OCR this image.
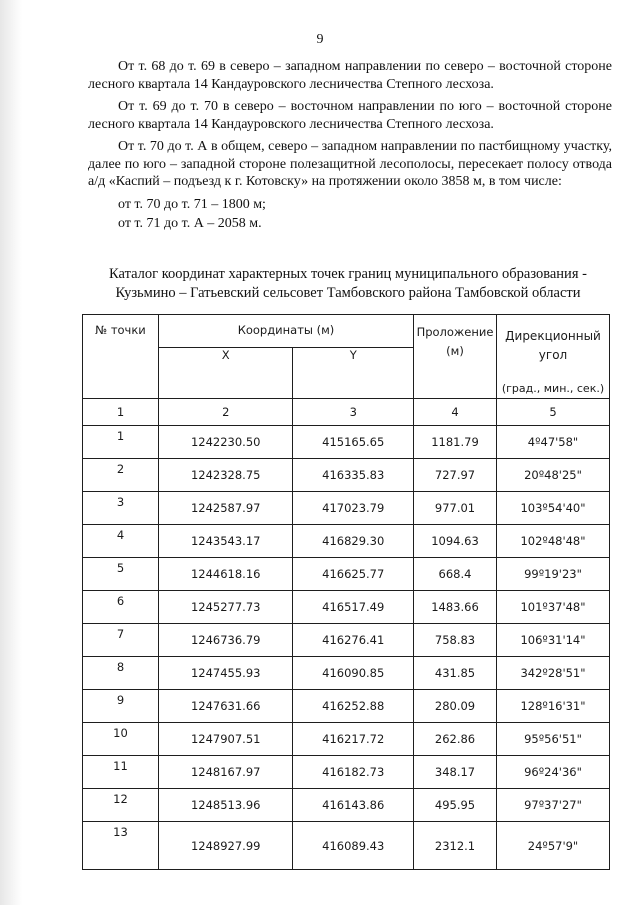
9

От т. 68 до т. 69 в северо – западном направлении по северо – восточной стороне лесного квартала 14 Кандауровского лесничества Степного лесхоза.

От т. 69 до т. 70 в северо – восточном направлении по юго – восточной стороне лесного квартала 14 Кандауровского лесничества Степного лесхоза.

От т. 70 до т. А в общем, северо – западном направлении по пастбищному участку, далее по юго – западной стороне полезащитной лесополосы, пересекает полосу отвода а/д «Каспий – подъезд к г. Котовску» на протяжении около 3858 м, в том числе:

от т. 70 до т. 71 – 1800 м;

от т. 71 до т. А – 2058 м.

Каталог координат характерных точек границ муниципального образования - Кузьмино – Гатьевский сельсовет Тамбовского района Тамбовской области
№ точки	Координаты (м)		Проложение (м)	Дирекционный угол
(град., мин., сек.)

	X	Y		
1	2	3	4	5
1	1242230.50	415165.65	1181.79	4º47'58"
2	1242328.75	416335.83	727.97	20º48'25"
3	1242587.97	417023.79	977.01	103º54'40"
4	1243543.17	416829.30	1094.63	102º48'48"
5	1244618.16	416625.77	668.4	99º19'23"
6	1245277.73	416517.49	1483.66	101º37'48"
7	1246736.79	416276.41	758.83	106º31'14"
8	1247455.93	416090.85	431.85	342º28'51"
9	1247631.66	416252.88	280.09	128º16'31"
10	1247907.51	416217.72	262.86	95º56'51"
11	1248167.97	416182.73	348.17	96º24'36"
12	1248513.96	416143.86	495.95	97º37'27"
13	1248927.99	416089.43	2312.1	24º57'9"
